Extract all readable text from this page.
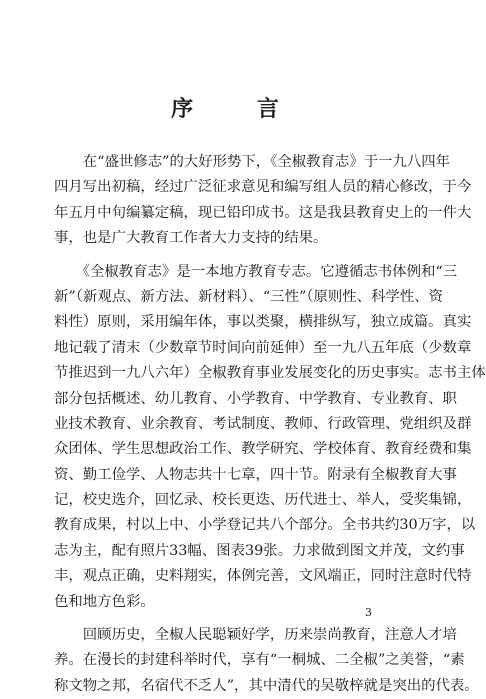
序 言
　　在“盛世修志”的大好形势下，《全椒教育志》于一九八四年
四月写出初稿，经过广泛征求意见和编写组人员的精心修改，于今
年五月中旬编纂定稿，现已铅印成书。这是我县教育史上的一件大
事，也是广大教育工作者大力支持的结果。
　　《全椒教育志》是一本地方教育专志。它遵循志书体例和“三
新”（新观点、新方法、新材料）、“三性”（原则性、科学性、资
料性）原则，采用编年体，事以类聚，横排纵写，独立成篇。真实
地记载了清末（少数章节时间向前延伸）至一九八五年底（少数章
节推迟到一九八六年）全椒教育事业发展变化的历史事实。志书主体
部分包括概述、幼儿教育、小学教育、中学教育、专业教育、职
业技术教育、业余教育、考试制度、教师、行政管理、党组织及群
众团体、学生思想政治工作、教学研究、学校体育、教育经费和集
资、勤工俭学、人物志共十七章，四十节。附录有全椒教育大事
记，校史选介，回忆录、校长更迭、历代进士、举人，受奖集锦，
教育成果，村以上中、小学登记共八个部分。全书共约30万字，以
志为主，配有照片33幅、图表39张。力求做到图文并茂，文约事
丰，观点正确，史料翔实，体例完善，文风端正，同时注意时代特
色和地方色彩。
　　回顾历史，全椒人民聪颖好学，历来崇尚教育，注意人才培
养。在漫长的封建科举时代，享有“一桐城、二全椒”之美誉，“素
称文物之邦，名宿代不乏人”，其中清代的吴敬梓就是突出的代表。
3
